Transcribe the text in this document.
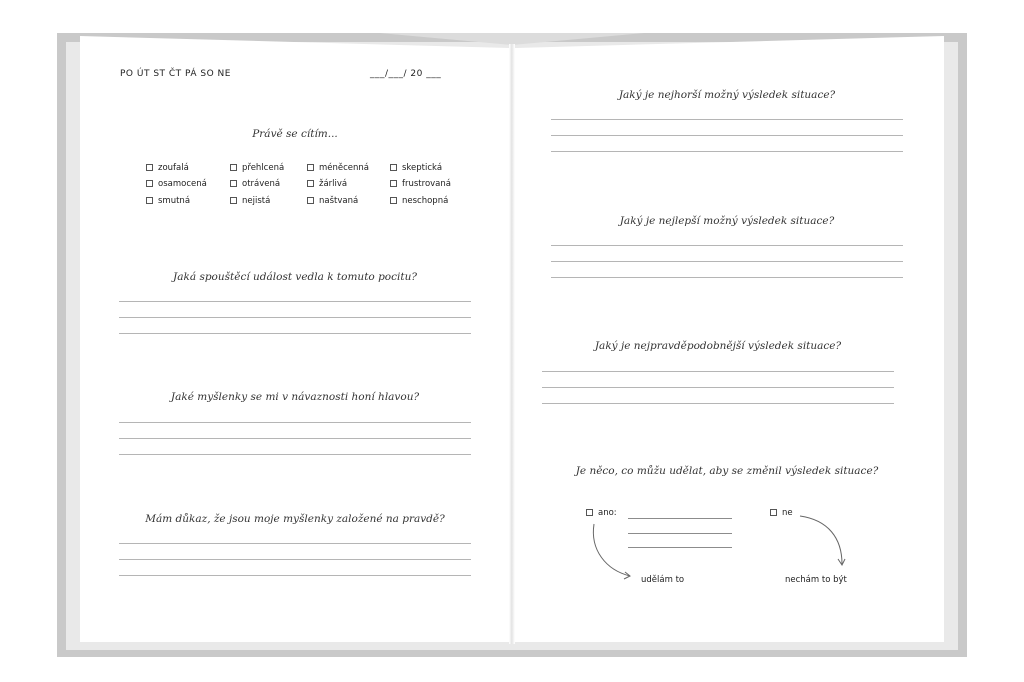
PO ÚT ST ČT PÁ SO NE	___/___/ 20 ___
Právě se cítím...
zoufalá	přehlcená	méněcenná	skeptická
osamocená	otrávená	žárlivá	frustrovaná
smutná	nejistá	naštvaná	neschopná
Jaká spouštěcí událost vedla k tomuto pocitu?
Jaké myšlenky se mi v návaznosti honí hlavou?
Mám důkaz, že jsou moje myšlenky založené na pravdě?
Jaký je nejhorší možný výsledek situace?
Jaký je nejlepší možný výsledek situace?
Jaký je nejpravděpodobnější výsledek situace?
Je něco, co můžu udělat, aby se změnil výsledek situace?
ano:	ne
udělám to	nechám to být
